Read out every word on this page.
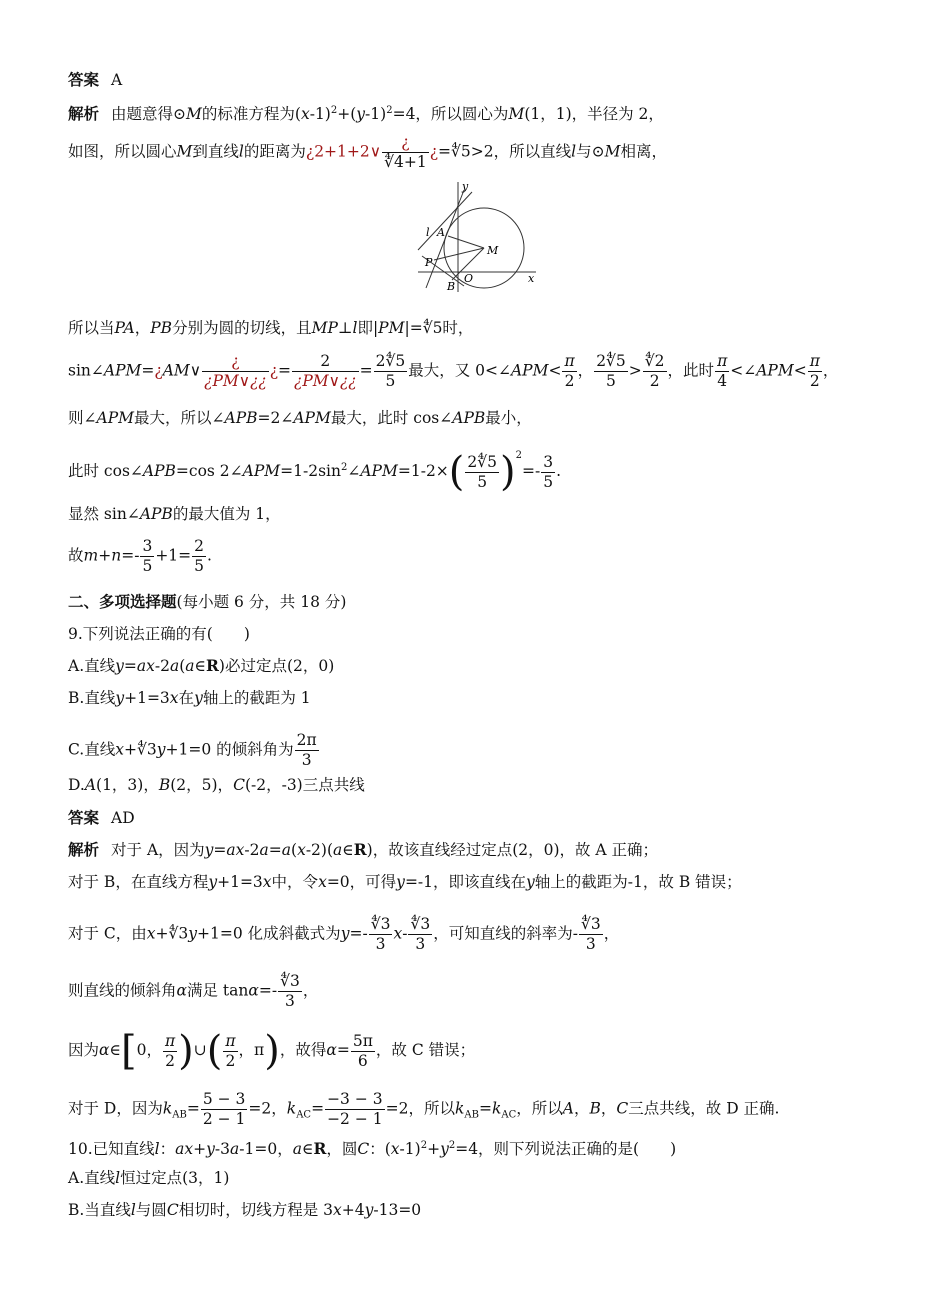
答案 A
解析 由题意得⊙M的标准方程为$(x-1)^2+(y-1)^2=4$，所以圆心为M(1，1)，半径为 2，
如图，所以圆心M到直线l的距离为¿2+1+2∨
¿
∜4+1
¿=∜5>2，所以直线l与⊙M相离，
y
x
l A
M
P
O
B
所以当PA，PB分别为圆的切线，且MP⊥l即|PM|=∜5时，
sin∠APM=¿AM∨
¿
¿PM∨¿¿
¿= $\frac{2}{¿PM\vee¿¿} = \frac{2∜5}{5}$ 最大，又 0<∠APM< $\frac{\pi}{2}$ ， $\frac{2∜5}{5} > \frac{∜2}{2}$ ，此时 $\frac{\pi}{4}$ <∠APM< $\frac{\pi}{2}$ ，
则∠APM最大，所以∠APB=2∠APM最大，此时 cos∠APB最小，
此时 cos∠APB=cos $2\angle APM=1-2\sin^2\angle APM=1-2\times( \frac{2∜5}{5} )^2=- \frac{3}{5}$ .
显然 sin∠APB的最大值为 1，
故$m+n=- \frac{3}{5} +1= \frac{2}{5}$ .
二、多项选择题(每小题 6 分，共 18 分)
9.下列说法正确的有(　　)
A.直线y=ax-2a(a∈R)必过定点(2，0)
B.直线y+1=3x在y轴上的截距为 1
C.直线x+∜3y+1=0 的倾斜角为 $\frac{2\pi}{3}$
D.A(1，3)，B(2，5)，C(-2，-3)三点共线
答案 AD
解析 对于 A，因为y=ax-2a=a(x-2)(a∈R)，故该直线经过定点(2，0)，故 A 正确；
对于 B，在直线方程y+1=3x中，令x=0，可得y=-1，即该直线在y轴上的截距为-1，故 B 错误；
对于 C，由x+∜3y+1=0 化成斜截式为$y=- \frac{∜3}{3} x- \frac{∜3}{3}$ ，可知直线的斜率为- $\frac{∜3}{3}$ ，
则直线的倾斜角α满足 $\tan\alpha=- \frac{∜3}{3}$ ，
因为α∈[0， $\frac{\pi}{2}$ )∪( $\frac{\pi}{2}$ ，π)，故得$\alpha= \frac{5\pi}{6}$ ，故 C 错误；
对于 D，因为$k_{AB}= \frac{5 - 3}{2 - 1} =2$，$k_{AC}= \frac{-3 - 3}{-2 - 1} =2$，所以$k_{AB}=k_{AC}$，所以A，B，C三点共线，故 D 正确.
10.已知直线l：ax+y-3a-1=0，a∈R，圆C：$(x-1)^2+y^2=4$，则下列说法正确的是(　　)
A.直线l恒过定点(3，1)
B.当直线l与圆C相切时，切线方程是 3x+4y-13=0
